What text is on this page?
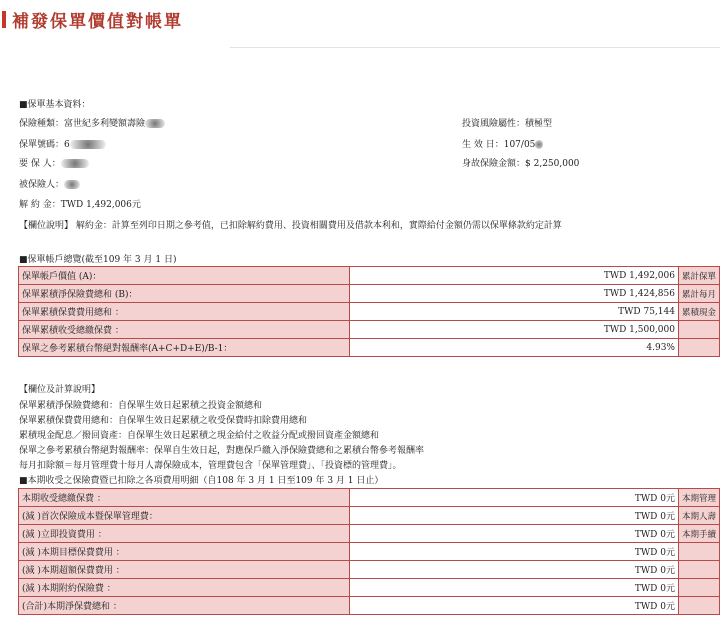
補發保單價值對帳單
■保單基本資料：
保險種類：富世紀多利變額壽險	投資風險屬性：積極型
保單號碼：6	生 效 日：107/05
要 保 人：	身故保險金額：$ 2,250,000
被保險人：
解 約 金：TWD 1,492,006元
【欄位說明】 解約金：計算至列印日期之參考值，已扣除解約費用、投資相關費用及借款本利和，實際給付金額仍需以保單條款約定計算
■保單帳戶總覽(截至109 年 3 月 1 日)
保單帳戶價值 (A)：	TWD 1,492,006	累計保單
保單累積淨保險費總和 (B)：	TWD 1,424,856	累計每月
保單累積保費費用總和 ：	TWD 75,144	累積現金
保單累積收受總繳保費 ：	TWD 1,500,000	
保單之參考累積台幣絕對報酬率(A+C+D+E)/B-1：	4.93%	
【欄位及計算說明】
保單累積淨保險費總和：自保單生效日起累積之投資金額總和
保單累積保費費用總和：自保單生效日起累積之收受保費時扣除費用總和
累積現金配息／撥回資產：自保單生效日起累積之現金給付之收益分配或撥回資產金額總和
保單之參考累積台幣絕對報酬率：保單自生效日起，對應保戶繳入淨保險費總和之累積台幣參考報酬率
每月扣除額＝每月管理費十每月人壽保險成本，管理費包含「保單管理費」、「投資標的管理費」。
■本期收受之保險費暨已扣除之各項費用明細（自108 年 3 月 1 日至109 年 3 月 1 日止）
本期收受總繳保費 ：	TWD 0元	本期管理
(減 )首次保險成本暨保單管理費：	TWD 0元	本期人壽
(減 )立即投資費用 ：	TWD 0元	本期手續
(減 )本期目標保費費用 ：	TWD 0元	
(減 )本期超額保費費用 ：	TWD 0元	
(減 )本期附約保險費 ：	TWD 0元	
(合計)本期淨保費總和 ：	TWD 0元	
